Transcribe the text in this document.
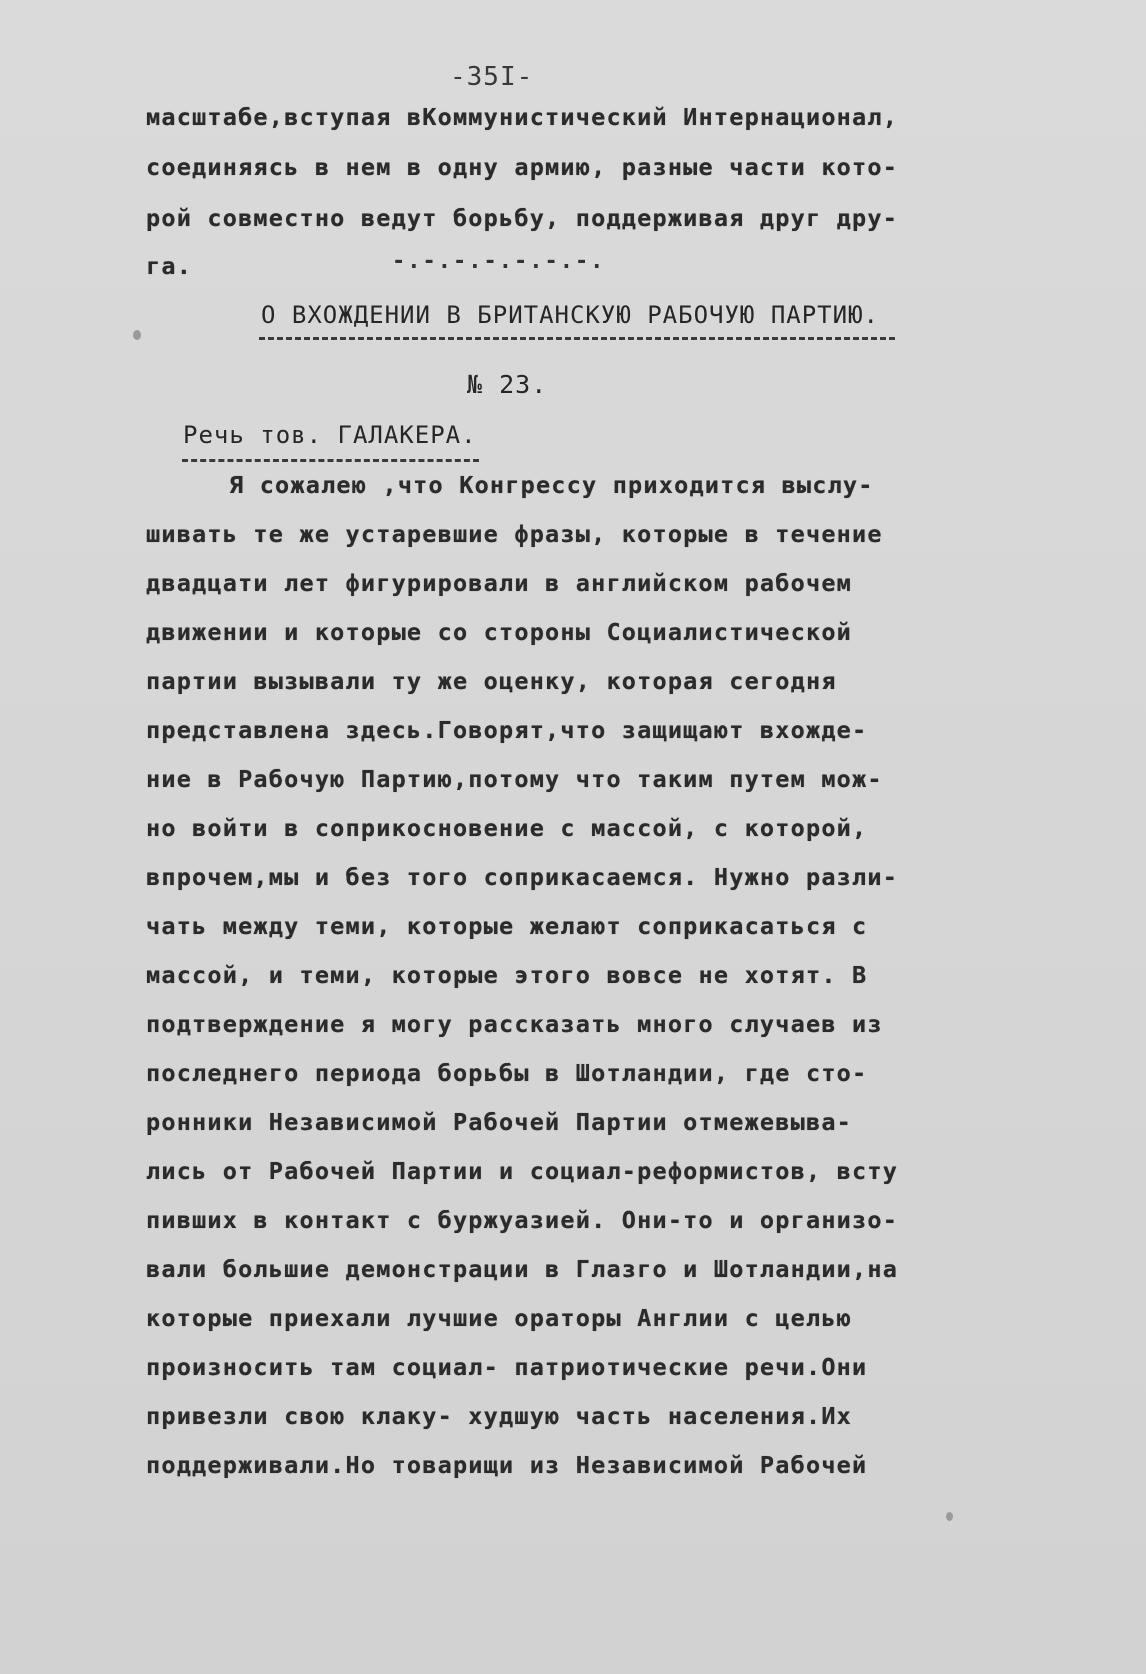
-35I-
масштабе,вступая вКоммунистический Интернационал,
соединяясь в нем в одну армию, разные части кото-
рой совместно ведут борьбу, поддерживая друг дру-
га.	-.-.-.-.-.-.-.
О ВХОЖДЕНИИ В БРИТАНСКУЮ РАБОЧУЮ ПАРТИЮ.
№ 23.
Речь тов. ГАЛАКЕРА.
Я сожалею ,что Конгрессу приходится выслу-
шивать те же устаревшие фразы, которые в течение
двадцати лет фигурировали в английском рабочем
движении и которые со стороны Социалистической
партии вызывали ту же оценку, которая сегодня
представлена здесь.Говорят,что защищают вхожде-
ние в Рабочую Партию,потому что таким путем мож-
но войти в соприкосновение с массой, с которой,
впрочем,мы и без того соприкасаемся. Нужно разли-
чать между теми, которые желают соприкасаться с
массой, и теми, которые этого вовсе не хотят. В
подтверждение я могу рассказать много случаев из
последнего периода борьбы в Шотландии, где сто-
ронники Независимой Рабочей Партии отмежевыва-
лись от Рабочей Партии и социал-реформистов, всту
пивших в контакт с буржуазией. Они-то и организо-
вали большие демонстрации в Глазго и Шотландии,на
которые приехали лучшие ораторы Англии с целью
произносить там социал- патриотические речи.Они
привезли свою клаку- худшую часть населения.Их
поддерживали.Но товарищи из Независимой Рабочей
